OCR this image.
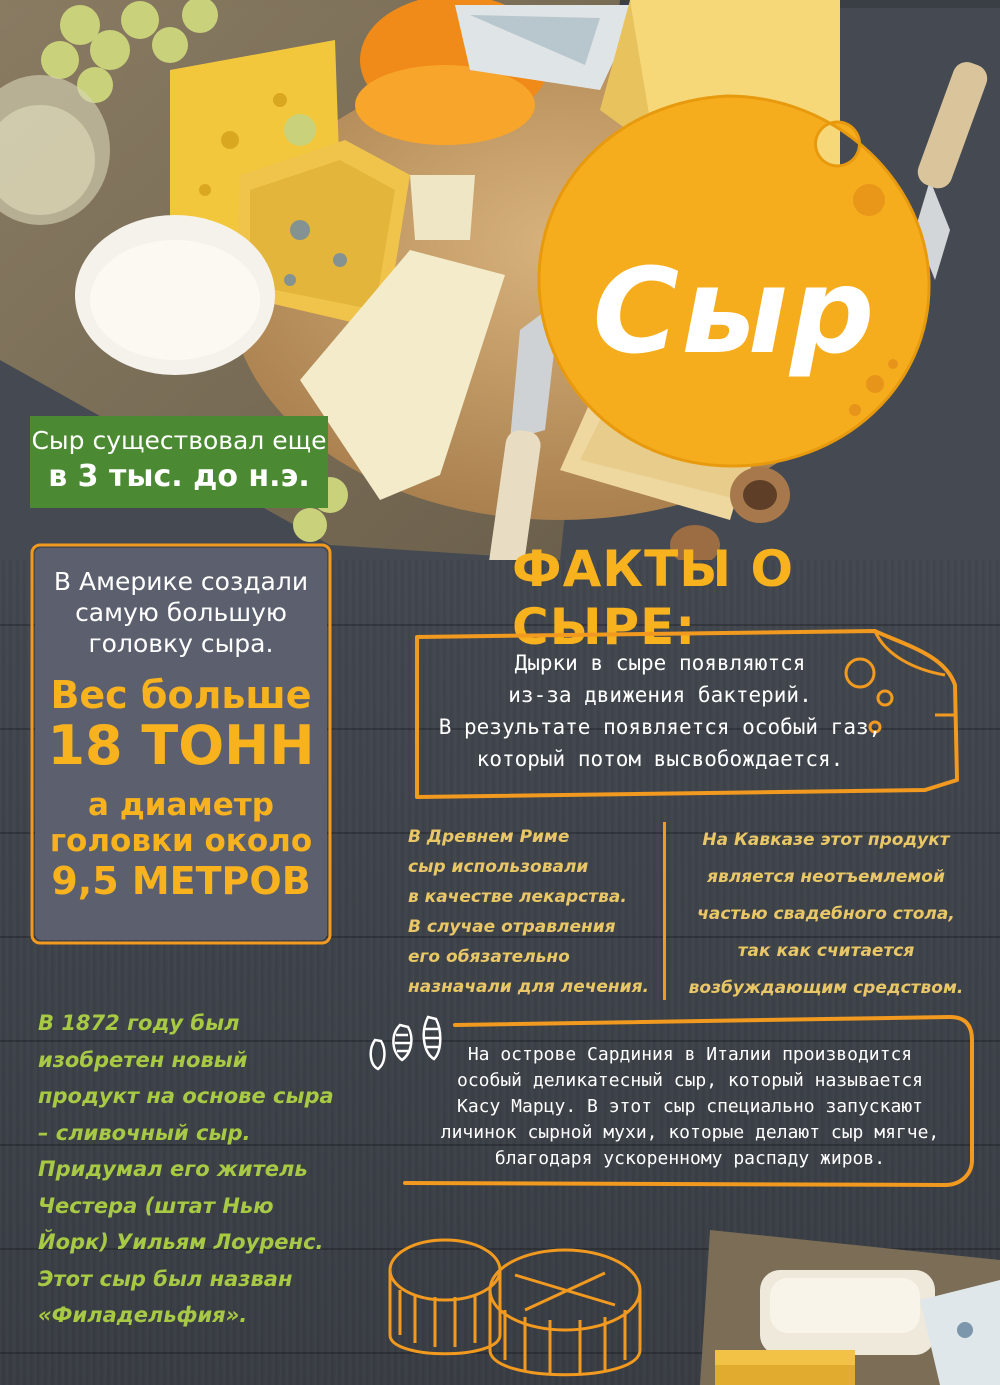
Сыр
Сыр существовал еще
в 3 тыс. до н.э.
В Америке создали
самую большую
головку сыра.
Вес больше
18 ТОНН
а диаметр
головки около
9,5 МЕТРОВ
ФАКТЫ О СЫРЕ:
Дырки в сыре появляются
из-за движения бактерий.
В результате появляется особый газ,
который потом высвобождается.
В Древнем Риме
сыр использовали
в качестве лекарства.
В случае отравления
его обязательно
назначали для лечения.
На Кавказе этот продукт
является неотъемлемой
частью свадебного стола,
так как считается
возбуждающим средством.
На острове Сардиния в Италии производится
особый деликатесный сыр, который называется
Касу Марцу. В этот сыр специально запускают
личинок сырной мухи, которые делают сыр мягче,
благодаря ускоренному распаду жиров.
В 1872 году был
изобретен новый
продукт на основе сыра
– сливочный сыр.
Придумал его житель
Честера (штат Нью
Йорк) Уильям Лоуренс.
Этот сыр был назван
«Филадельфия».
